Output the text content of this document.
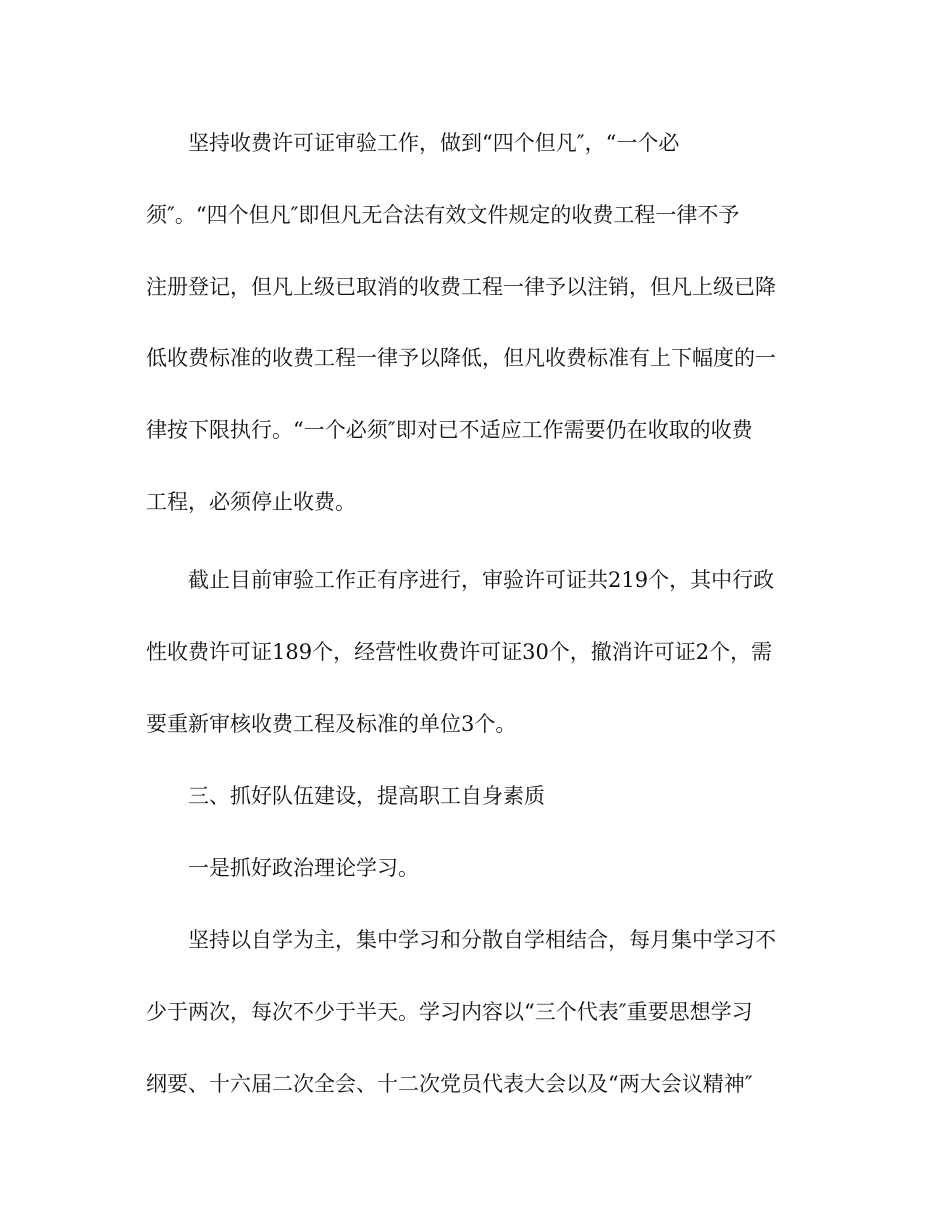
坚持收费许可证审验工作，做到“四个但凡″，“一个必
须″。“四个但凡″即但凡无合法有效文件规定的收费工程一律不予
注册登记，但凡上级已取消的收费工程一律予以注销，但凡上级已降
低收费标准的收费工程一律予以降低，但凡收费标准有上下幅度的一
律按下限执行。“一个必须″即对已不适应工作需要仍在收取的收费
工程，必须停止收费。
截止目前审验工作正有序进行，审验许可证共219个，其中行政
性收费许可证189个，经营性收费许可证30个，撤消许可证2个，需
要重新审核收费工程及标准的单位3个。
三、抓好队伍建设，提高职工自身素质
一是抓好政治理论学习。
坚持以自学为主，集中学习和分散自学相结合，每月集中学习不
少于两次，每次不少于半天。学习内容以“三个代表″重要思想学习
纲要、十六届二次全会、十二次党员代表大会以及“两大会议精神″
